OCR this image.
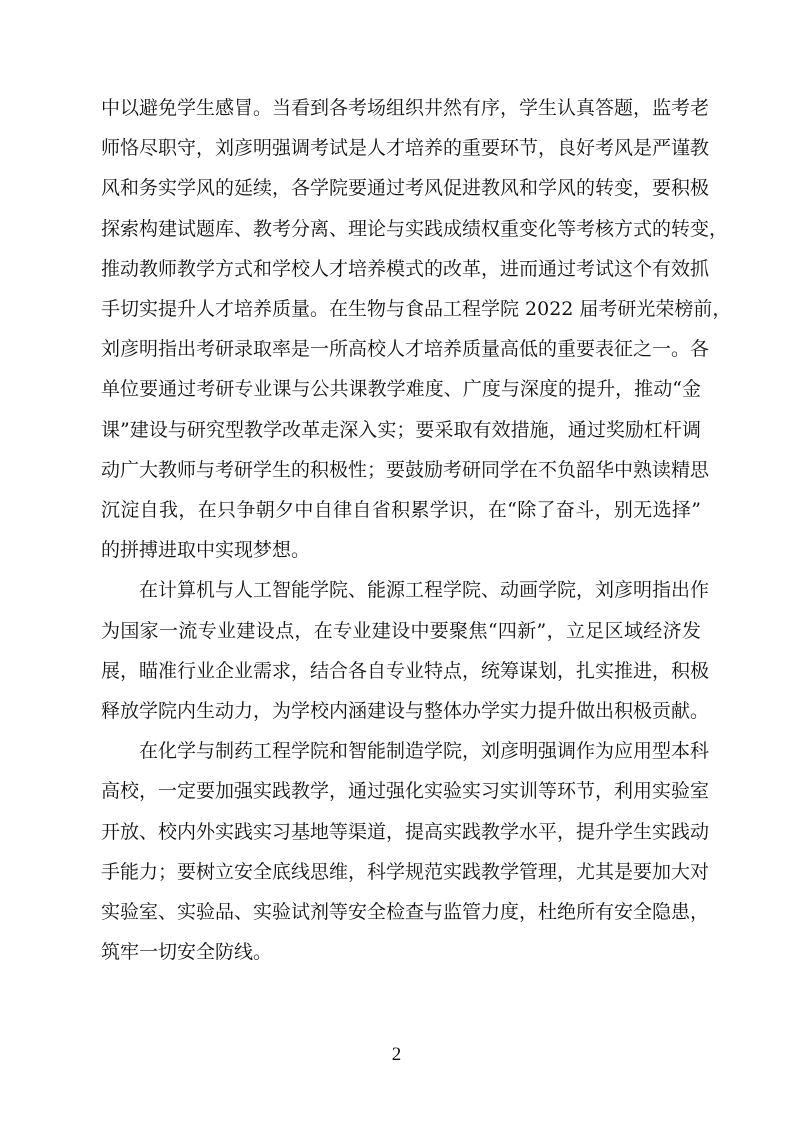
中以避免学生感冒。当看到各考场组织井然有序，学生认真答题，监考老
师恪尽职守，刘彦明强调考试是人才培养的重要环节，良好考风是严谨教
风和务实学风的延续，各学院要通过考风促进教风和学风的转变，要积极
探索构建试题库、教考分离、理论与实践成绩权重变化等考核方式的转变，
推动教师教学方式和学校人才培养模式的改革，进而通过考试这个有效抓
手切实提升人才培养质量。在生物与食品工程学院 2022 届考研光荣榜前，
刘彦明指出考研录取率是一所高校人才培养质量高低的重要表征之一。各
单位要通过考研专业课与公共课教学难度、广度与深度的提升，推动“金
课”建设与研究型教学改革走深入实；要采取有效措施，通过奖励杠杆调
动广大教师与考研学生的积极性；要鼓励考研同学在不负韶华中熟读精思
沉淀自我，在只争朝夕中自律自省积累学识，在“除了奋斗，别无选择”
的拼搏进取中实现梦想。

在计算机与人工智能学院、能源工程学院、动画学院，刘彦明指出作
为国家一流专业建设点，在专业建设中要聚焦“四新”，立足区域经济发
展，瞄准行业企业需求，结合各自专业特点，统筹谋划，扎实推进，积极
释放学院内生动力，为学校内涵建设与整体办学实力提升做出积极贡献。

在化学与制药工程学院和智能制造学院，刘彦明强调作为应用型本科
高校，一定要加强实践教学，通过强化实验实习实训等环节，利用实验室
开放、校内外实践实习基地等渠道，提高实践教学水平，提升学生实践动
手能力；要树立安全底线思维，科学规范实践教学管理，尤其是要加大对
实验室、实验品、实验试剂等安全检查与监管力度，杜绝所有安全隐患，
筑牢一切安全防线。

2
